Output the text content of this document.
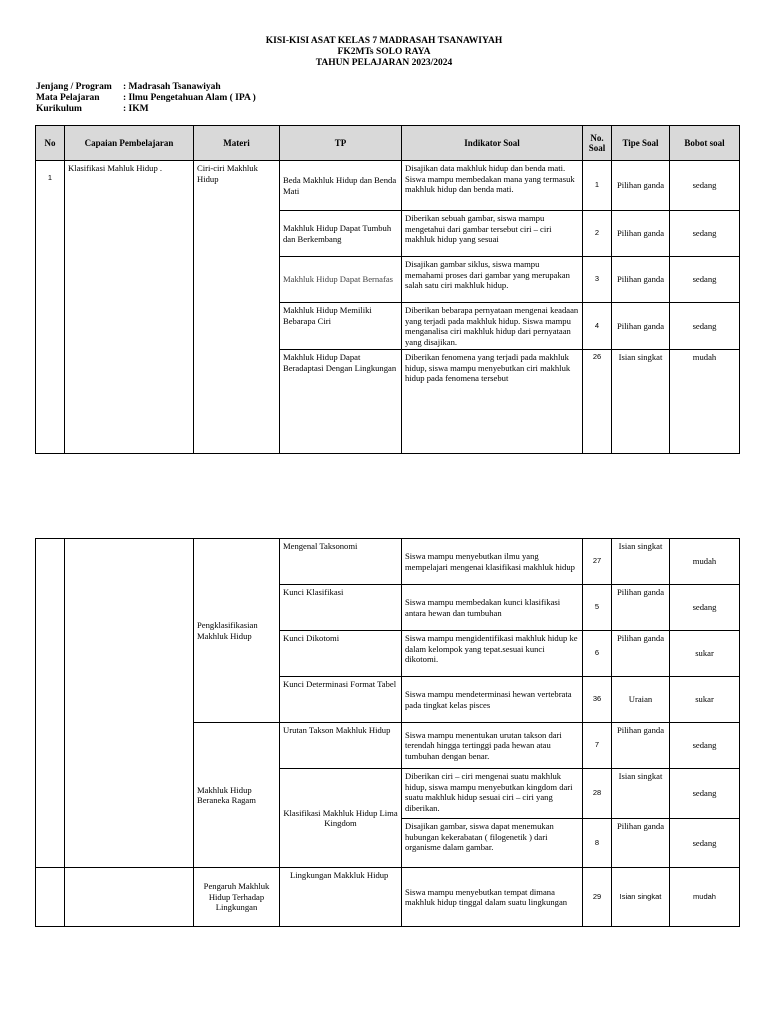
KISI-KISI ASAT KELAS 7 MADRASAH TSANAWIYAH
FK2MTs SOLO RAYA
TAHUN PELAJARAN 2023/2024
Jenjang / Program : Madrasah Tsanawiyah
Mata Pelajaran : Ilmu Pengetahuan Alam ( IPA )
Kurikulum	: IKM
No	Capaian Pembelajaran	Materi	TP	Indikator Soal	No. Soal	Tipe Soal	Bobot soal
1	Klasifikasi Mahluk Hidup .	Ciri-ciri Makhluk Hidup	Beda Makhluk Hidup dan Benda Mati	Disajikan data makhluk hidup dan benda mati. Siswa mampu membedakan mana yang termasuk makhluk hidup dan benda mati.	1	Pilihan ganda	sedang
			Makhluk Hidup Dapat Tumbuh dan Berkembang	Diberikan sebuah gambar, siswa mampu mengetahui dari gambar tersebut ciri – ciri makhluk hidup yang sesuai	2	Pilihan ganda	sedang
			Makhluk Hidup Dapat Bernafas	Disajikan gambar siklus, siswa mampu memahami proses dari gambar yang merupakan salah satu ciri makhluk hidup.	3	Pilihan ganda	sedang
			Makhluk Hidup Memiliki Bebarapa Ciri	Diberikan bebarapa pernyataan mengenai keadaan yang terjadi pada makhluk hidup. Siswa mampu menganalisa ciri makhluk hidup dari pernyataan yang disajikan.	4	Pilihan ganda	sedang
			Makhluk Hidup Dapat Beradaptasi Dengan Lingkungan	Diberikan fenomena yang terjadi pada makhluk hidup, siswa mampu menyebutkan ciri makhluk hidup pada fenomena tersebut	26	Isian singkat	mudah
		Pengklasifikasian Makhluk Hidup	Mengenal Taksonomi	Siswa mampu menyebutkan ilmu yang mempelajari mengenai klasifikasi makhluk hidup	27	Isian singkat	mudah
			Kunci Klasifikasi	Siswa mampu membedakan kunci klasifikasi antara hewan dan tumbuhan	5	Pilihan ganda	sedang
			Kunci Dikotomi	Siswa mampu mengidentifikasi makhluk hidup ke dalam kelompok yang tepat.sesuai kunci dikotomi.	6	Pilihan ganda	sukar
			Kunci Determinasi Format Tabel	Siswa mampu mendeterminasi hewan vertebrata pada tingkat kelas pisces	36	Uraian	sukar
		Makhluk Hidup Beraneka Ragam	Urutan Takson Makhluk Hidup	Siswa mampu menentukan urutan takson dari terendah hingga tertinggi pada hewan atau tumbuhan dengan benar.	7	Pilihan ganda	sedang
			Klasifikasi Makhluk Hidup Lima Kingdom	Diberikan ciri – ciri mengenai suatu makhluk hidup, siswa mampu menyebutkan kingdom dari suatu makhluk hidup sesuai ciri – ciri yang diberikan.	28	Isian singkat	sedang
				Disajikan gambar, siswa dapat menemukan hubungan kekerabatan ( filogenetik ) dari organisme dalam gambar.	8	Pilihan ganda	sedang
		Pengaruh Makhluk Hidup Terhadap Lingkungan	Lingkungan Makkluk Hidup	Siswa mampu menyebutkan tempat dimana makhluk hidup tinggal dalam suatu lingkungan	29	Isian singkat	mudah
